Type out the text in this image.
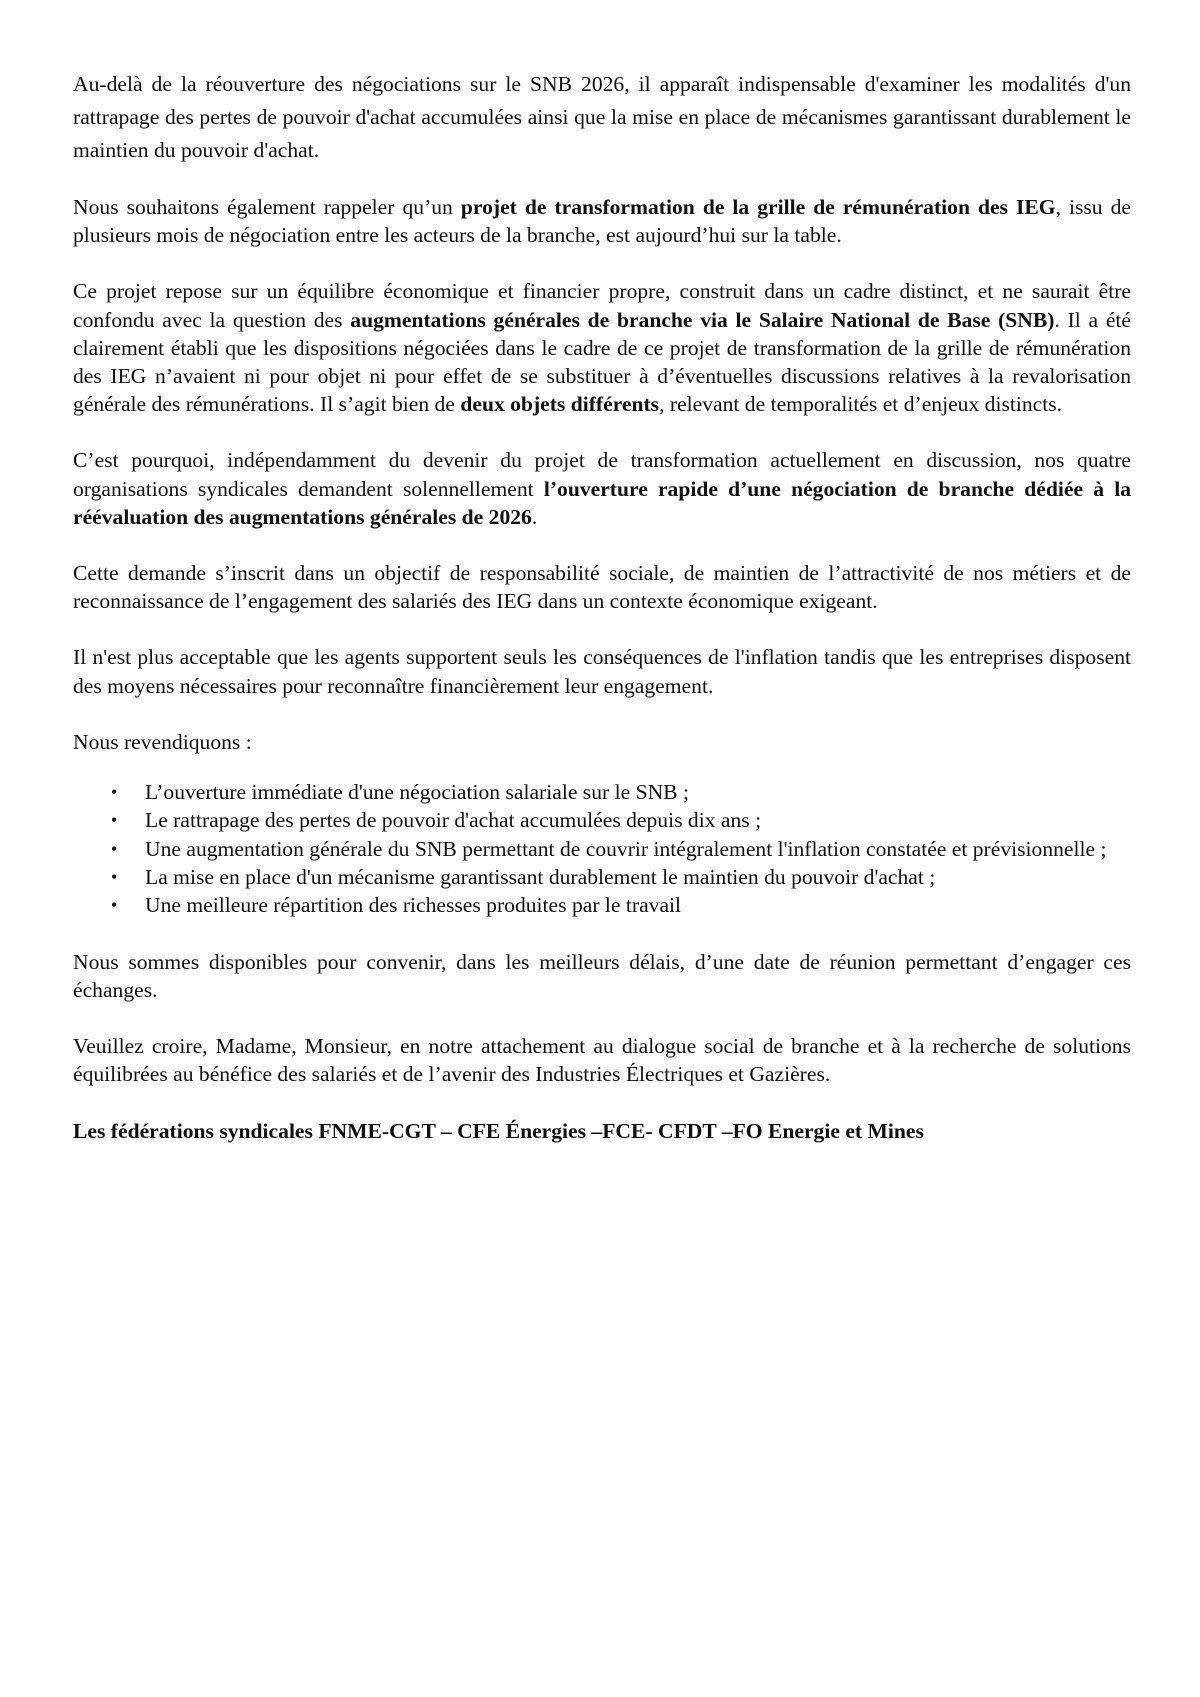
Au-delà de la réouverture des négociations sur le SNB 2026, il apparaît indispensable d'examiner les modalités d'un rattrapage des pertes de pouvoir d'achat accumulées ainsi que la mise en place de mécanismes garantissant durablement le maintien du pouvoir d'achat.

Nous souhaitons également rappeler qu’un projet de transformation de la grille de rémunération des IEG, issu de plusieurs mois de négociation entre les acteurs de la branche, est aujourd’hui sur la table.

Ce projet repose sur un équilibre économique et financier propre, construit dans un cadre distinct, et ne saurait être confondu avec la question des augmentations générales de branche via le Salaire National de Base (SNB). Il a été clairement établi que les dispositions négociées dans le cadre de ce projet de transformation de la grille de rémunération des IEG n’avaient ni pour objet ni pour effet de se substituer à d’éventuelles discussions relatives à la revalorisation générale des rémunérations. Il s’agit bien de deux objets différents, relevant de temporalités et d’enjeux distincts.

C’est pourquoi, indépendamment du devenir du projet de transformation actuellement en discussion, nos quatre organisations syndicales demandent solennellement l’ouverture rapide d’une négociation de branche dédiée à la réévaluation des augmentations générales de 2026.

Cette demande s’inscrit dans un objectif de responsabilité sociale, de maintien de l’attractivité de nos métiers et de reconnaissance de l’engagement des salariés des IEG dans un contexte économique exigeant.

Il n'est plus acceptable que les agents supportent seuls les conséquences de l'inflation tandis que les entreprises disposent des moyens nécessaires pour reconnaître financièrement leur engagement.

Nous revendiquons :

• L’ouverture immédiate d'une négociation salariale sur le SNB ;
• Le rattrapage des pertes de pouvoir d'achat accumulées depuis dix ans ;
• Une augmentation générale du SNB permettant de couvrir intégralement l'inflation constatée et prévisionnelle ;
• La mise en place d'un mécanisme garantissant durablement le maintien du pouvoir d'achat ;
• Une meilleure répartition des richesses produites par le travail

Nous sommes disponibles pour convenir, dans les meilleurs délais, d’une date de réunion permettant d’engager ces échanges.

Veuillez croire, Madame, Monsieur, en notre attachement au dialogue social de branche et à la recherche de solutions équilibrées au bénéfice des salariés et de l’avenir des Industries Électriques et Gazières.

Les fédérations syndicales FNME-CGT – CFE Énergies –FCE- CFDT –FO Energie et Mines
